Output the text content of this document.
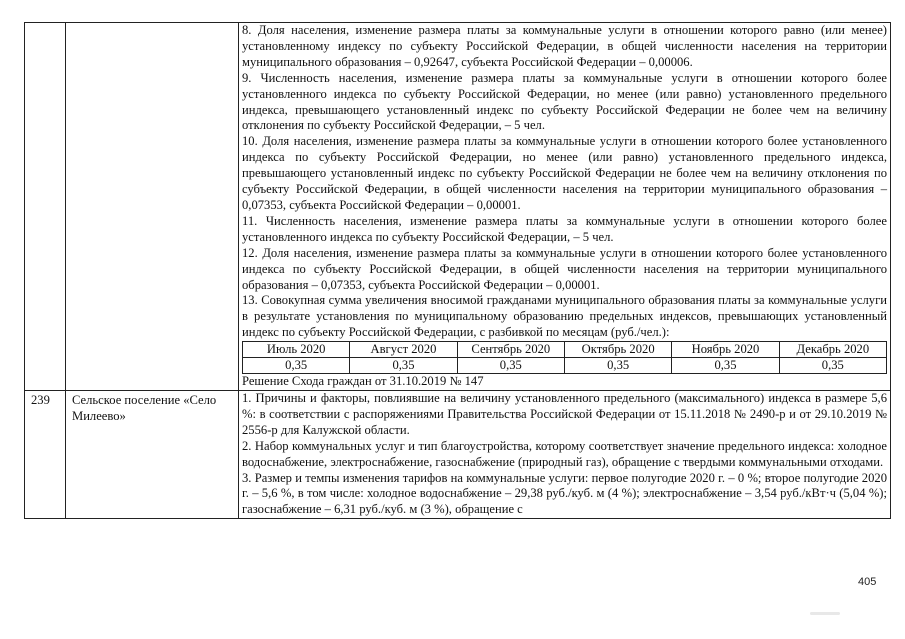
8. Доля населения, изменение размера платы за коммунальные услуги в отношении которого равно (или менее) установленному индексу по субъекту Российской Федерации, в общей численности населения на территории муниципального образования – 0,92647, субъекта Российской Федерации – 0,00006.

9. Численность населения, изменение размера платы за коммунальные услуги в отношении которого более установленного индекса по субъекту Российской Федерации, но менее (или равно) установленного предельного индекса, превышающего установленный индекс по субъекту Российской Федерации не более чем на величину отклонения по субъекту Российской Федерации, – 5 чел.

10. Доля населения, изменение размера платы за коммунальные услуги в отношении которого более установленного индекса по субъекту Российской Федерации, но менее (или равно) установленного предельного индекса, превышающего установленный индекс по субъекту Российской Федерации не более чем на величину отклонения по субъекту Российской Федерации, в общей численности населения на территории муниципального образования – 0,07353, субъекта Российской Федерации – 0,00001.

11. Численность населения, изменение размера платы за коммунальные услуги в отношении которого более установленного индекса по субъекту Российской Федерации, – 5 чел.

12. Доля населения, изменение размера платы за коммунальные услуги в отношении которого более установленного индекса по субъекту Российской Федерации, в общей численности населения на территории муниципального образования – 0,07353, субъекта Российской Федерации – 0,00001.

13. Совокупная сумма увеличения вносимой гражданами муниципального образования платы за коммунальные услуги в результате установления по муниципальному образованию предельных индексов, превышающих установленный индекс по субъекту Российской Федерации, с разбивкой по месяцам (руб./чел.):

Июль 2020	Август 2020	Сентябрь 2020	Октябрь 2020	Ноябрь 2020	Декабрь 2020
0,35	0,35	0,35	0,35	0,35	0,35

Решение Схода граждан от 31.10.2019 № 147

239	Сельское поселение «Село Милеево»	

1. Причины и факторы, повлиявшие на величину установленного предельного (максимального) индекса в размере 5,6 %: в соответствии с распоряжениями Правительства Российской Федерации от 15.11.2018 № 2490-р и от 29.10.2019 № 2556-р для Калужской области.

2. Набор коммунальных услуг и тип благоустройства, которому соответствует значение предельного индекса: холодное водоснабжение, электроснабжение, газоснабжение (природный газ), обращение с твердыми коммунальными отходами.

3. Размер и темпы изменения тарифов на коммунальные услуги: первое полугодие 2020 г. – 0 %; второе полугодие 2020 г. – 5,6 %, в том числе: холодное водоснабжение – 29,38 руб./куб. м (4 %); электроснабжение – 3,54 руб./кВт·ч (5,04 %); газоснабжение – 6,31 руб./куб. м (3 %), обращение с

405
